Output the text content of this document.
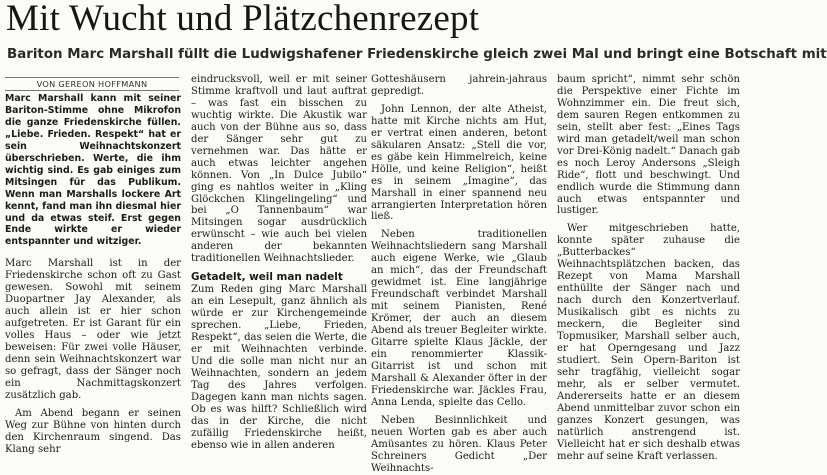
Mit Wucht und Plätzchenrezept
Bariton Marc Marshall füllt die Ludwigshafener Friedenskirche gleich zwei Mal und bringt eine Botschaft mit
VON GEREON HOFFMANN

Marc Marshall kann mit seiner Bariton-Stimme ohne Mikrofon die ganze Friedenskirche füllen. „Liebe. Frieden. Respekt“ hat er sein Weihnachtskonzert überschrieben. Werte, die ihm wichtig sind. Es gab einiges zum Mitsingen für das Publikum. Wenn man Marshalls lockere Art kennt, fand man ihn diesmal hier und da etwas steif. Erst gegen Ende wirkte er wieder entspannter und witziger.

Marc Marshall ist in der Friedenskirche schon oft zu Gast gewesen. Sowohl mit seinem Duopartner Jay Alexander, als auch allein ist er hier schon aufgetreten. Er ist Garant für ein volles Haus – oder wie jetzt beweisen: Für zwei volle Häuser, denn sein Weihnachtskonzert war so gefragt, dass der Sänger noch ein Nachmittagskonzert zusätzlich gab.

Am Abend begann er seinen Weg zur Bühne von hinten durch den Kirchenraum singend. Das Klang sehr

eindrucksvoll, weil er mit seiner Stimme kraftvoll und laut auftrat – was fast ein bisschen zu wuchtig wirkte. Die Akustik war auch von der Bühne aus so, dass der Sänger sehr gut zu vernehmen war. Das hätte er auch etwas leichter angehen können. Von „In Dulce Jubilo“ ging es nahtlos weiter in „Kling Glöckchen Klingelingeling“ und bei „O Tannenbaum“ war Mitsingen sogar ausdrücklich erwünscht – wie auch bei vielen anderen der bekannten traditionellen Weihnachtslieder.

Getadelt, weil man nadelt

Zum Reden ging Marc Marshall an ein Lesepult, ganz ähnlich als würde er zur Kirchengemeinde sprechen. „Liebe, Frieden, Respekt“, das seien die Werte, die er mit Weihnachten verbinde. Und die solle man nicht nur an Weihnachten, sondern an jedem Tag des Jahres verfolgen. Dagegen kann man nichts sagen. Ob es was hilft? Schließlich wird das in der Kirche, die nicht zufällig Friedenskirche heißt, ebenso wie in allen anderen

Gotteshäusern jahrein-jahraus gepredigt.

John Lennon, der alte Atheist, hatte mit Kirche nichts am Hut, er vertrat einen anderen, betont säkularen Ansatz: „Stell die vor, es gäbe kein Himmelreich, keine Hölle, und keine Religion“, heißt es in seinem „Imagine“, das Marshall in einer spannend neu arrangierten Interpretation hören ließ.

Neben traditionellen Weihnachtsliedern sang Marshall auch eigene Werke, wie „Glaub an mich“, das der Freundschaft gewidmet ist. Eine langjährige Freundschaft verbindet Marshall mit seinem Pianisten, René Krömer, der auch an diesem Abend als treuer Begleiter wirkte. Gitarre spielte Klaus Jäckle, der ein renommierter Klassik-Gitarrist ist und schon mit Marshall & Alexander öfter in der Friedenskirche war. Jäckles Frau, Anna Lenda, spielte das Cello.

Neben Besinnlichkeit und neuen Worten gab es aber auch Amüsantes zu hören. Klaus Peter Schreiners Gedicht „Der Weihnachts-

baum spricht“, nimmt sehr schön die Perspektive einer Fichte im Wohnzimmer ein. Die freut sich, dem sauren Regen entkommen zu sein, stellt aber fest: „Eines Tags wird man getadelt/weil man schon vor Drei-König nadelt.“ Danach gab es noch Leroy Andersons „Sleigh Ride“, flott und beschwingt. Und endlich wurde die Stimmung dann auch etwas entspannter und lustiger.

Wer mitgeschrieben hatte, konnte später zuhause die „Butterbackes“ Weihnachtsplätzchen backen, das Rezept von Mama Marshall enthüllte der Sänger nach und nach durch den Konzertverlauf. Musikalisch gibt es nichts zu meckern, die Begleiter sind Topmusiker, Marshall selber auch, er hat Operngesang und Jazz studiert. Sein Opern-Bariton ist sehr tragfähig, vielleicht sogar mehr, als er selber vermutet. Andererseits hatte er an diesem Abend unmittelbar zuvor schon ein ganzes Konzert gesungen, was natürlich anstrengend ist. Vielleicht hat er sich deshalb etwas mehr auf seine Kraft verlassen.
